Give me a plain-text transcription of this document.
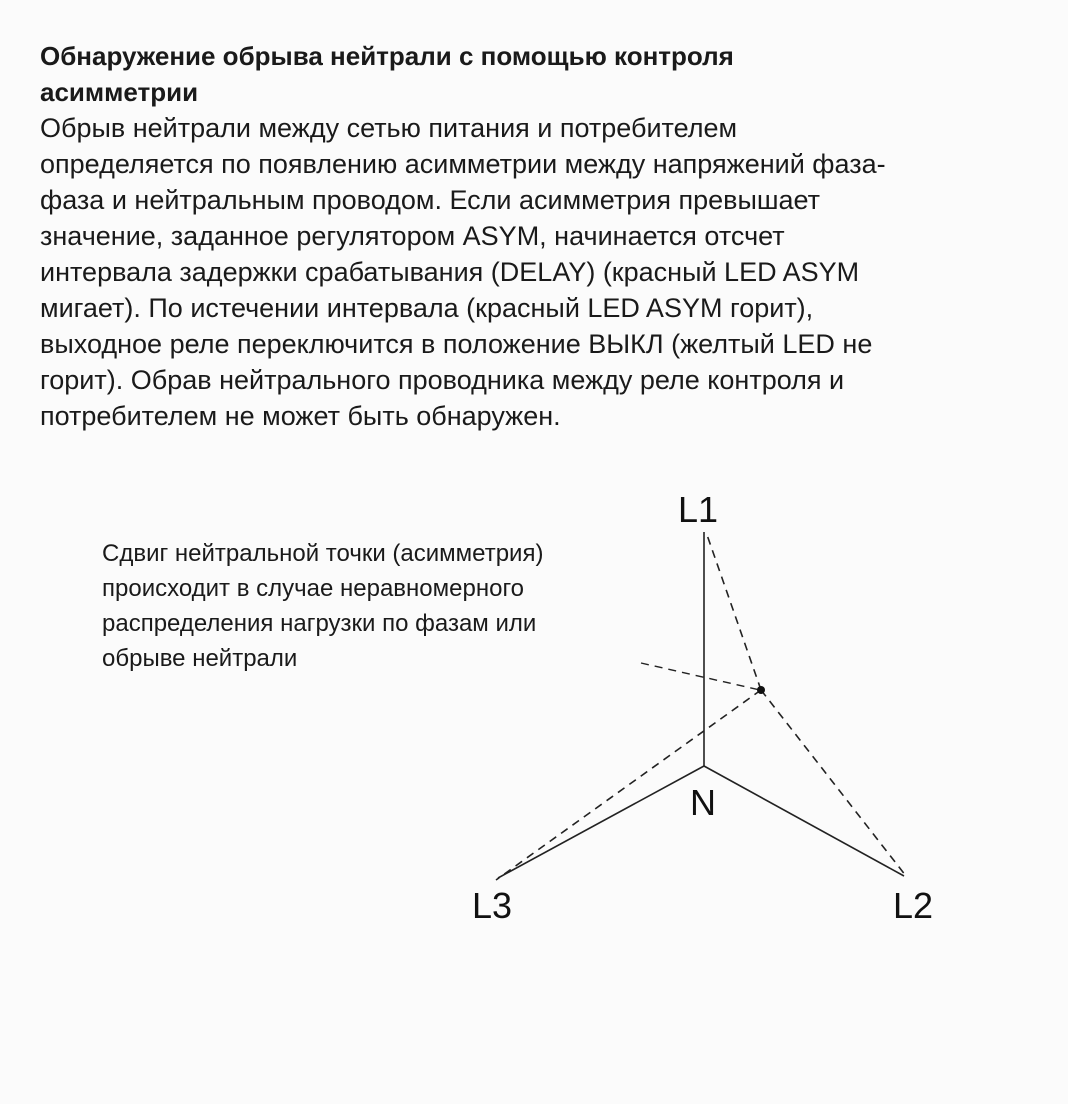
Обнаружение обрыва нейтрали с помощью контроля
асимметрии

Обрыв нейтрали между сетью питания и потребителем
определяется по появлению асимметрии между напряжений фаза-
фаза и нейтральным проводом. Если асимметрия превышает
значение, заданное регулятором ASYM, начинается отсчет
интервала задержки срабатывания (DELAY) (красный LED ASYM
мигает). По истечении интервала (красный LED ASYM горит),
выходное реле переключится в положение ВЫКЛ (желтый LED не
горит). Обрав нейтрального проводника между реле контроля и
потребителем не может быть обнаружен.

Сдвиг нейтральной точки (асимметрия)
происходит в случае неравномерного
распределения нагрузки по фазам или
обрыве нейтрали
L1
N
L3	L2
